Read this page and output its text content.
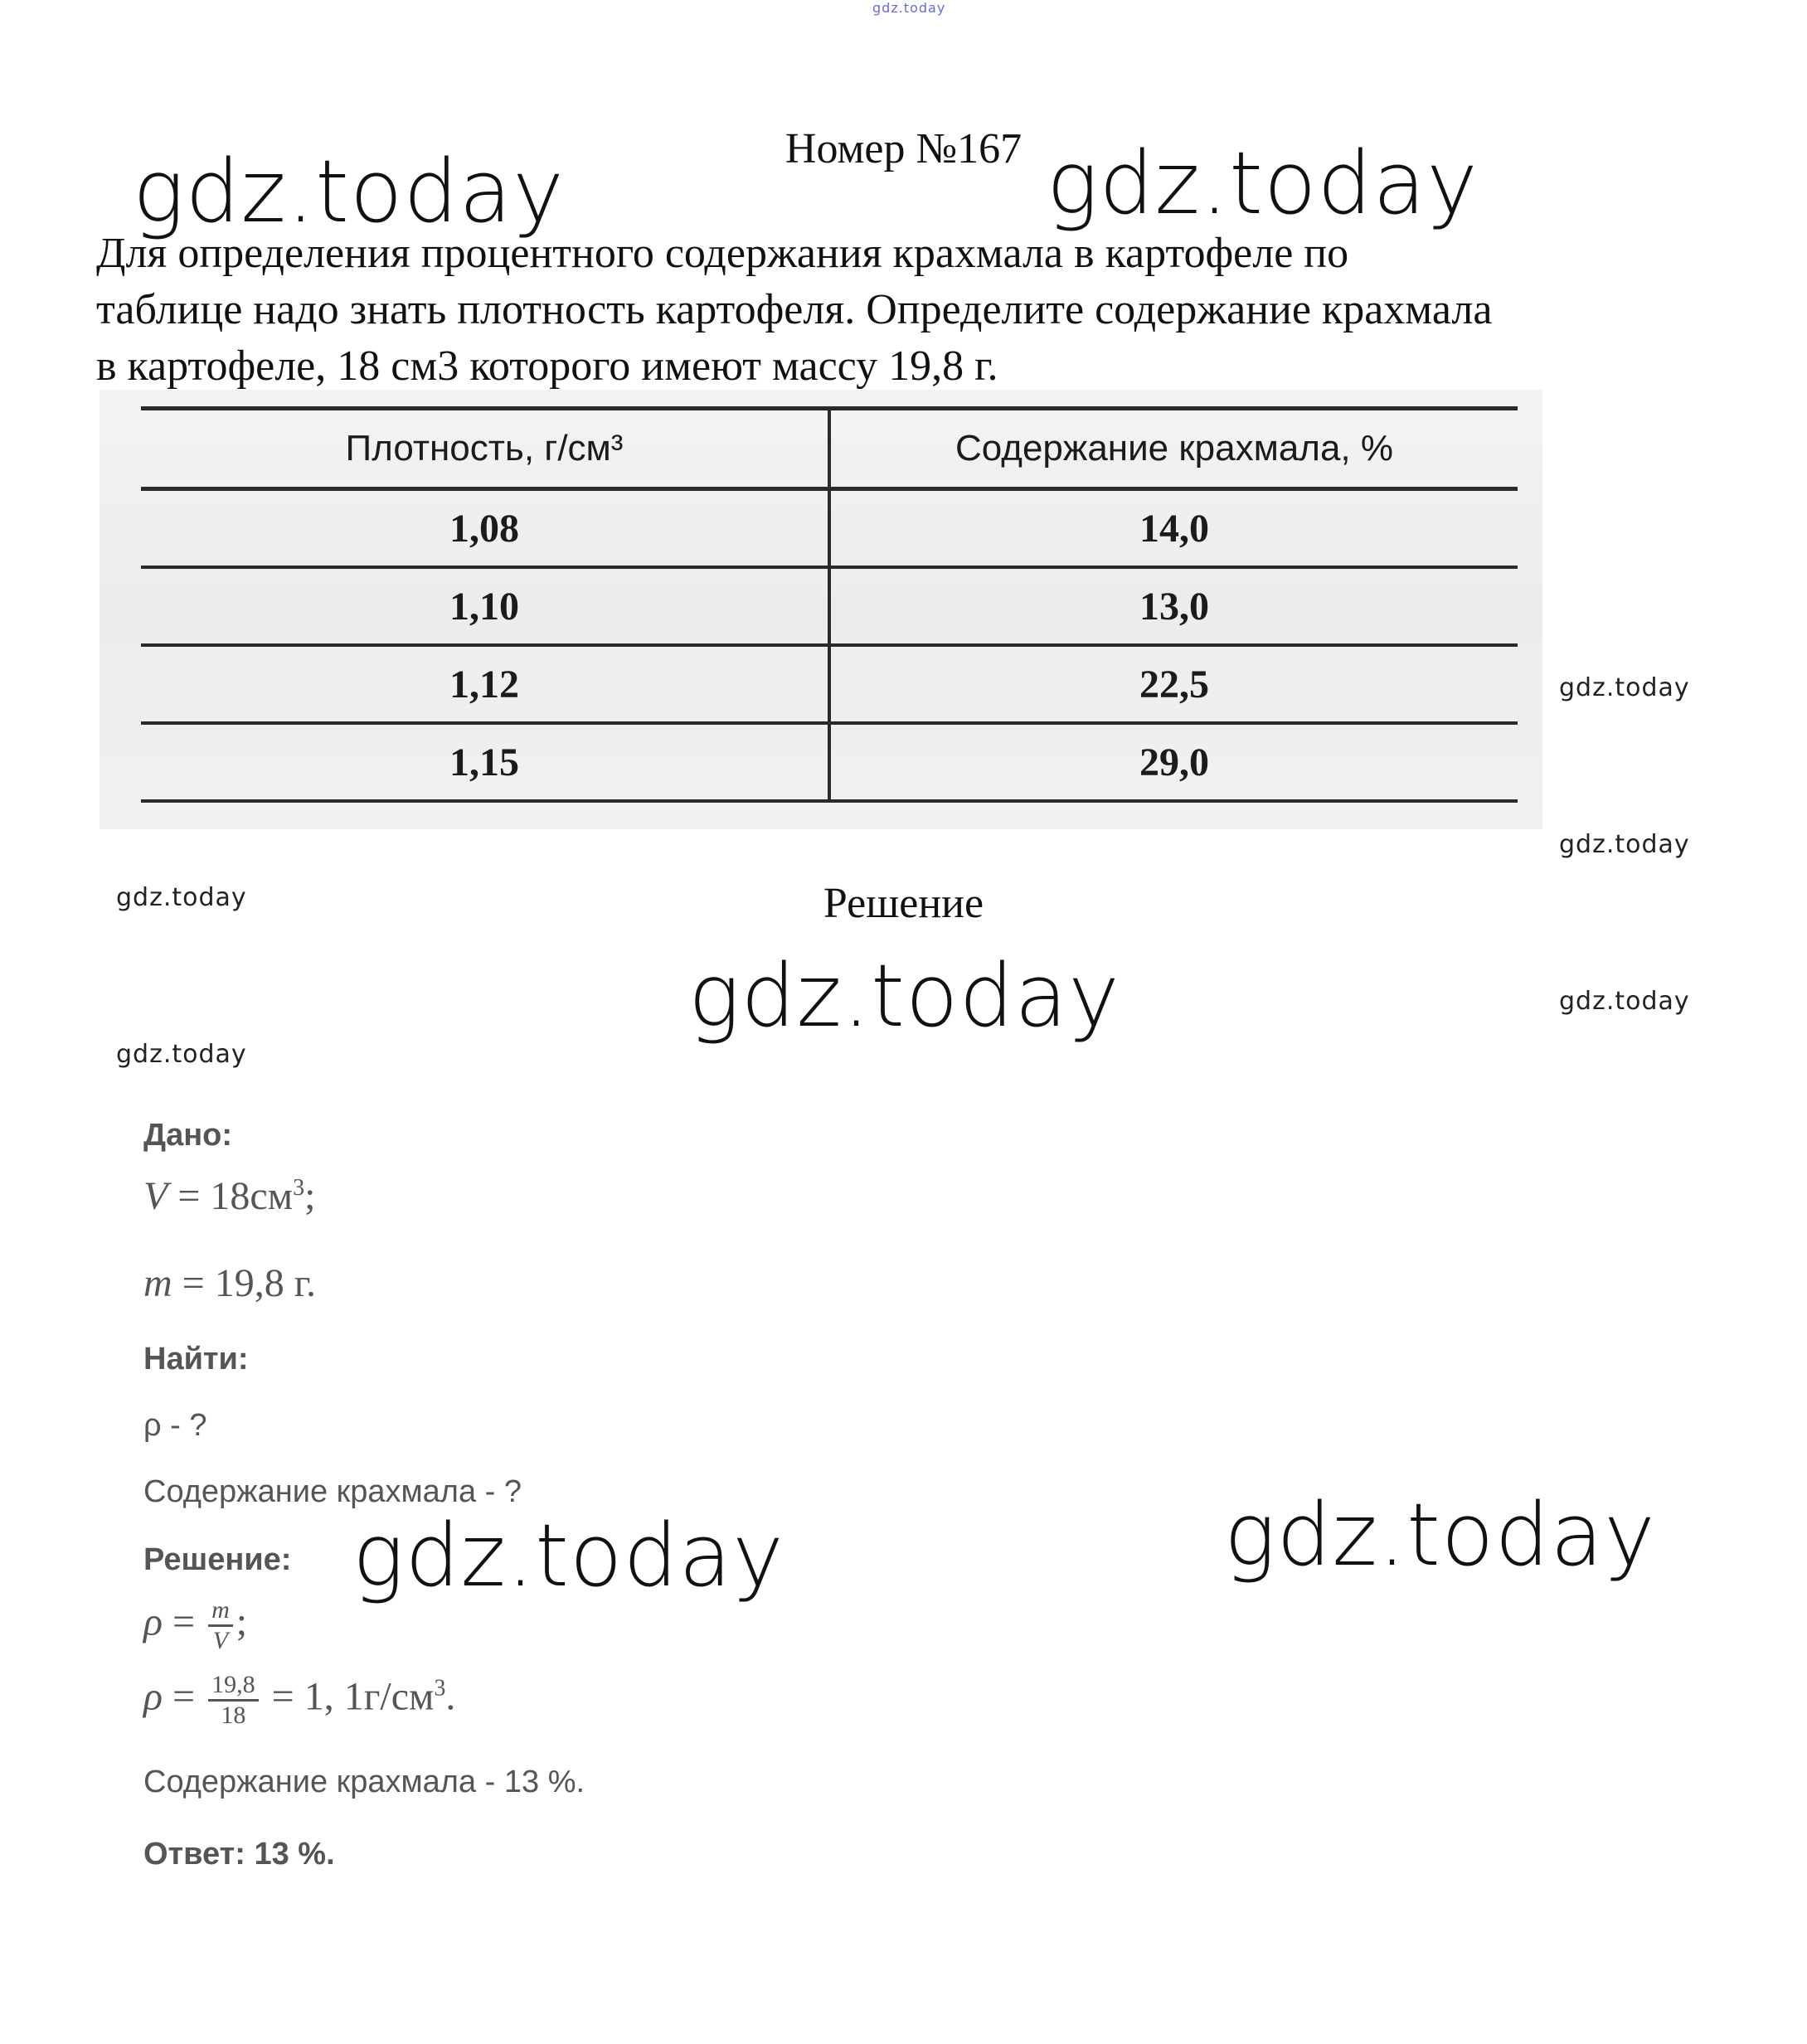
gdz.today
gdz.today	gdz.today
gdz.today
gdz.today
gdz.today
gdz.today	gdz.today
gdz.today
gdz.today
gdz.today
Номер №167

Для определения процентного содержания крахмала в картофеле по
таблице надо знать плотность картофеля. Определите содержание крахмала
в картофеле, 18 см3 которого имеют массу 19,8 г.

Плотность, г/см³	Содержание крахмала, %
1,08	14,0
1,10	13,0
1,12	22,5
1,15	29,0
Решение
Дано:
$V = 18см^3$;
m = 19,8 г.
Найти:
ρ - ?
Содержание крахмала - ?
Решение:
$\rho = \frac{m}{V}$ ;
$\rho = \frac{19,8}{18} = 1$, $1г/см^3$.
Содержание крахмала - 13 %.
Ответ: 13 %.
